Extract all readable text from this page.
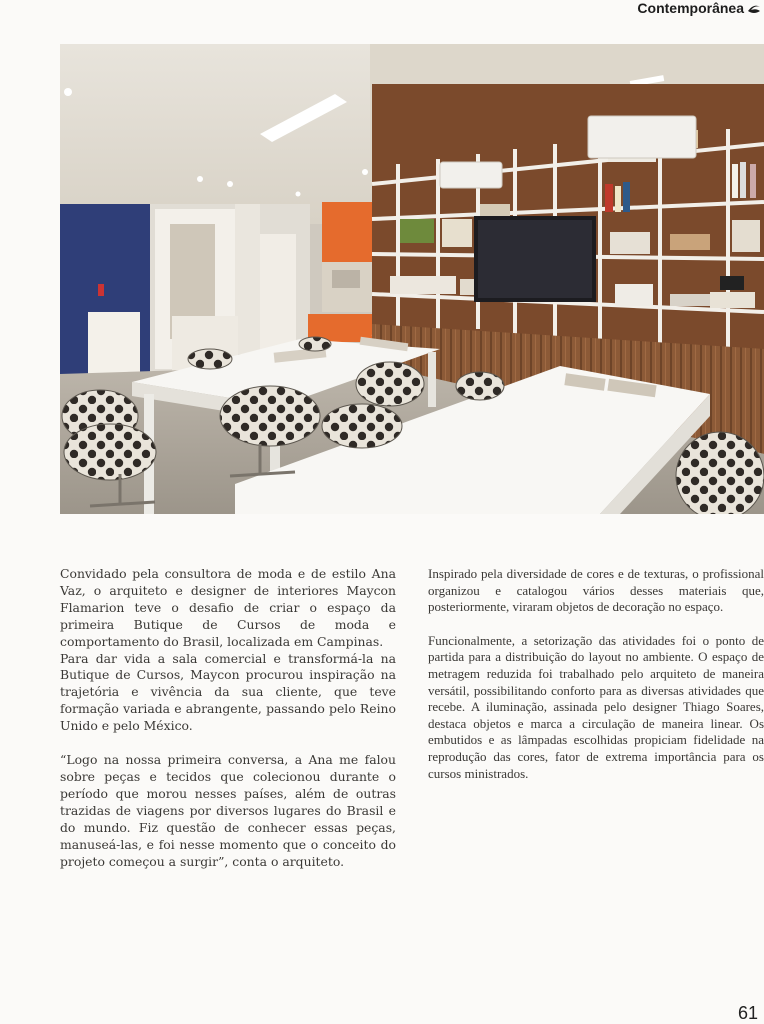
Contemporânea

Convidado pela consultora de moda e de estilo Ana Vaz, o arquiteto e designer de interiores Maycon Flamarion teve o desafio de criar o espaço da primeira Butique de Cursos de moda e comportamento do Brasil, localizada em Campinas.

Para dar vida a sala comercial e transformá-la na Butique de Cursos, Maycon procurou inspiração na trajetória e vivência da sua cliente, que teve formação variada e abrangente, passando pelo Reino Unido e pelo México.

“Logo na nossa primeira conversa, a Ana me falou sobre peças e tecidos que colecionou durante o período que morou nesses países, além de outras trazidas de viagens por diversos lugares do Brasil e do mundo. Fiz questão de conhecer essas peças, manuseá-las, e foi nesse momento que o conceito do projeto começou a surgir”, conta o arquiteto.

Inspirado pela diversidade de cores e de texturas, o profissional organizou e catalogou vários desses materiais que, posteriormente, viraram objetos de decoração no espaço.

Funcionalmente, a setorização das atividades foi o ponto de partida para a distribuição do layout no ambiente. O espaço de metragem reduzida foi trabalhado pelo arquiteto de maneira versátil, possibilitando conforto para as diversas atividades que recebe. A iluminação, assinada pelo designer Thiago Soares, destaca objetos e marca a circulação de maneira linear. Os embutidos e as lâmpadas escolhidas propiciam fidelidade na reprodução das cores, fator de extrema importância para os cursos ministrados.

61
